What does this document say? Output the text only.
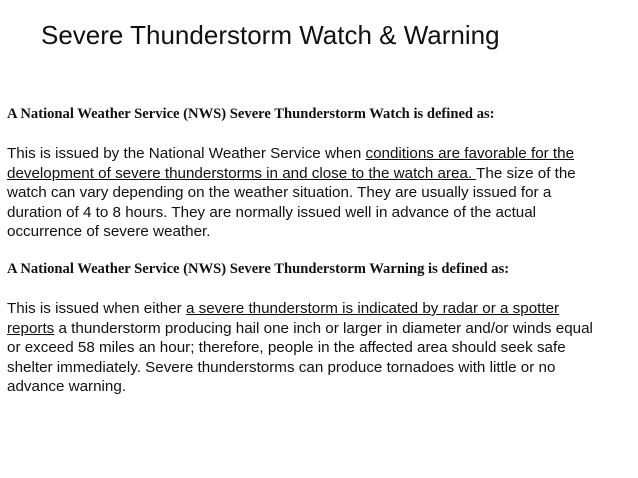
Severe Thunderstorm Watch & Warning
A National Weather Service (NWS) Severe Thunderstorm Watch is defined as:

This is issued by the National Weather Service when conditions are favorable for the
development of severe thunderstorms in and close to the watch area. The size of the
watch can vary depending on the weather situation. They are usually issued for a
duration of 4 to 8 hours. They are normally issued well in advance of the actual
occurrence of severe weather.

A National Weather Service (NWS) Severe Thunderstorm Warning is defined as:

This is issued when either a severe thunderstorm is indicated by radar or a spotter
reports a thunderstorm producing hail one inch or larger in diameter and/or winds equal
or exceed 58 miles an hour; therefore, people in the affected area should seek safe
shelter immediately. Severe thunderstorms can produce tornadoes with little or no
advance warning.
